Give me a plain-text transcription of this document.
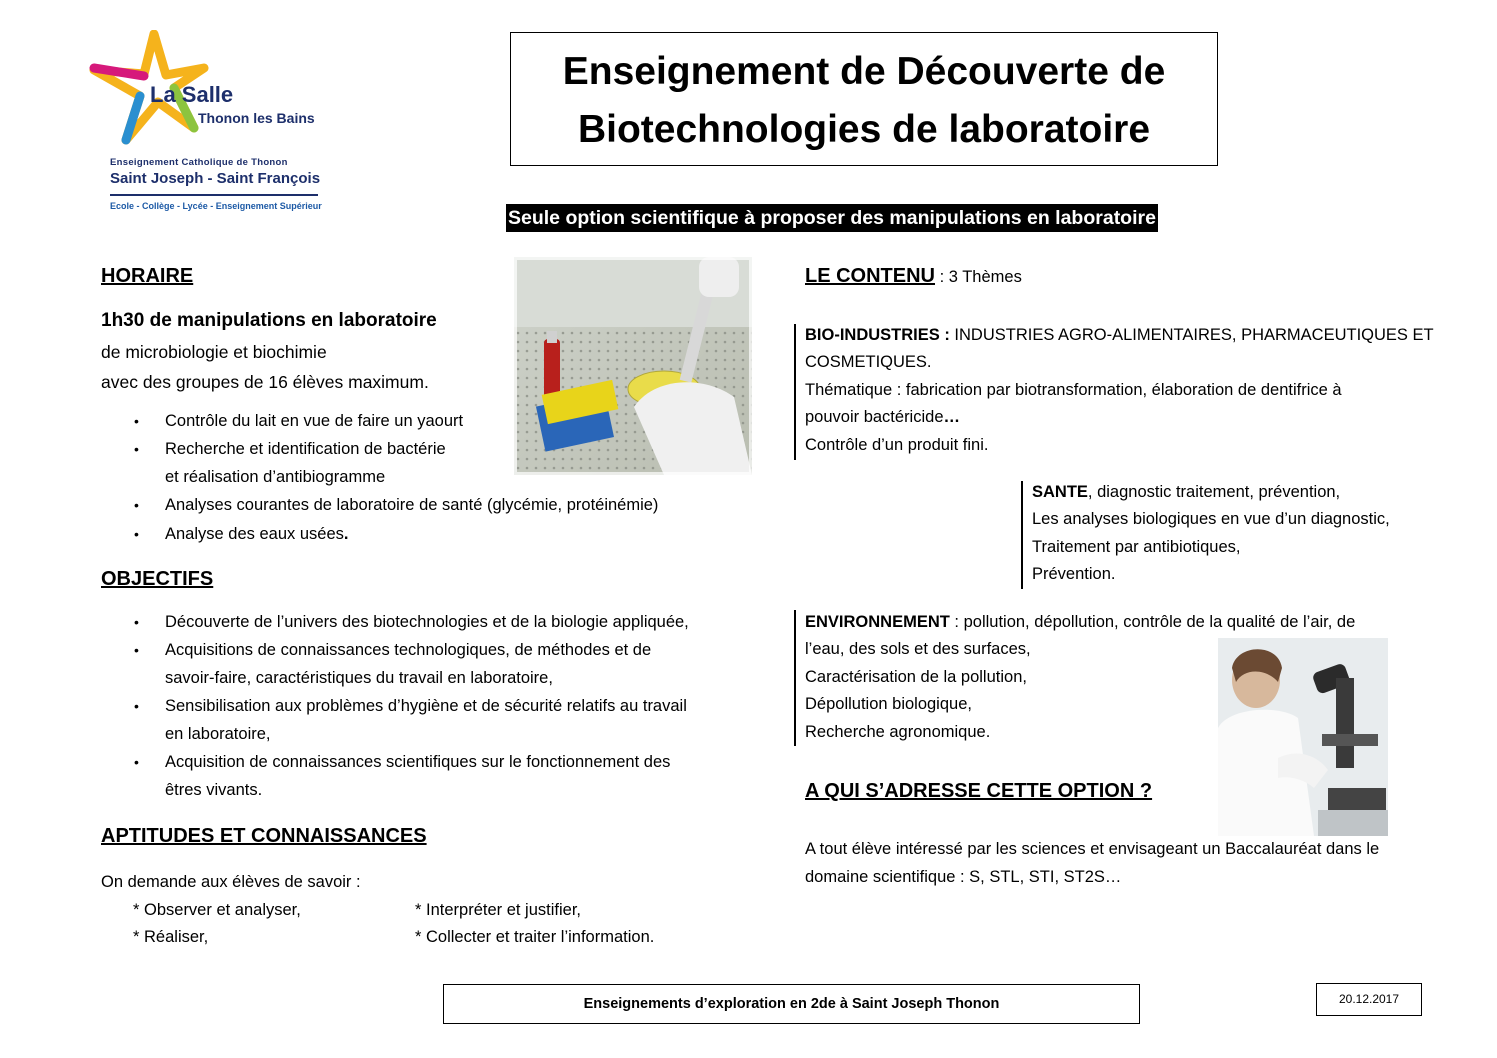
La Salle
Thonon les Bains
Enseignement Catholique de Thonon
Saint Joseph - Saint François
Ecole - Collège - Lycée - Enseignement Supérieur
Enseignement de Découverte de
Biotechnologies de laboratoire
Seule option scientifique à proposer des manipulations en laboratoire
HORAIRE
1h30 de manipulations en laboratoire
de microbiologie et biochimie
avec des groupes de 16 élèves maximum.
• Contrôle du lait en vue de faire un yaourt
• Recherche et identification de bactérie
et réalisation d’antibiogramme
• Analyses courantes de laboratoire de santé (glycémie, protéinémie)
• Analyse des eaux usées.
OBJECTIFS
• Découverte de l’univers des biotechnologies et de la biologie appliquée,
• Acquisitions de connaissances technologiques, de méthodes et de
savoir-faire, caractéristiques du travail en laboratoire,
• Sensibilisation aux problèmes d’hygiène et de sécurité relatifs au travail
en laboratoire,
• Acquisition de connaissances scientifiques sur le fonctionnement des
êtres vivants.
APTITUDES ET CONNAISSANCES
On demande aux élèves de savoir :
* Observer et analyser,
* Réaliser,
* Interpréter et justifier,
* Collecter et traiter l’information.
LE CONTENU : 3 Thèmes
BIO-INDUSTRIES : INDUSTRIES AGRO-ALIMENTAIRES, PHARMACEUTIQUES ET
COSMETIQUES.
Thématique : fabrication par biotransformation, élaboration de dentifrice à
pouvoir bactéricide…
Contrôle d’un produit fini.
SANTE, diagnostic traitement, prévention,
Les analyses biologiques en vue d’un diagnostic,
Traitement par antibiotiques,
Prévention.
ENVIRONNEMENT : pollution, dépollution, contrôle de la qualité de l’air, de
l’eau, des sols et des surfaces,
Caractérisation de la pollution,
Dépollution biologique,
Recherche agronomique.
A QUI S’ADRESSE CETTE OPTION ?
A tout élève intéressé par les sciences et envisageant un Baccalauréat dans le
domaine scientifique : S, STL, STI, ST2S…
Enseignements d’exploration en 2de à Saint Joseph Thonon	20.12.2017
